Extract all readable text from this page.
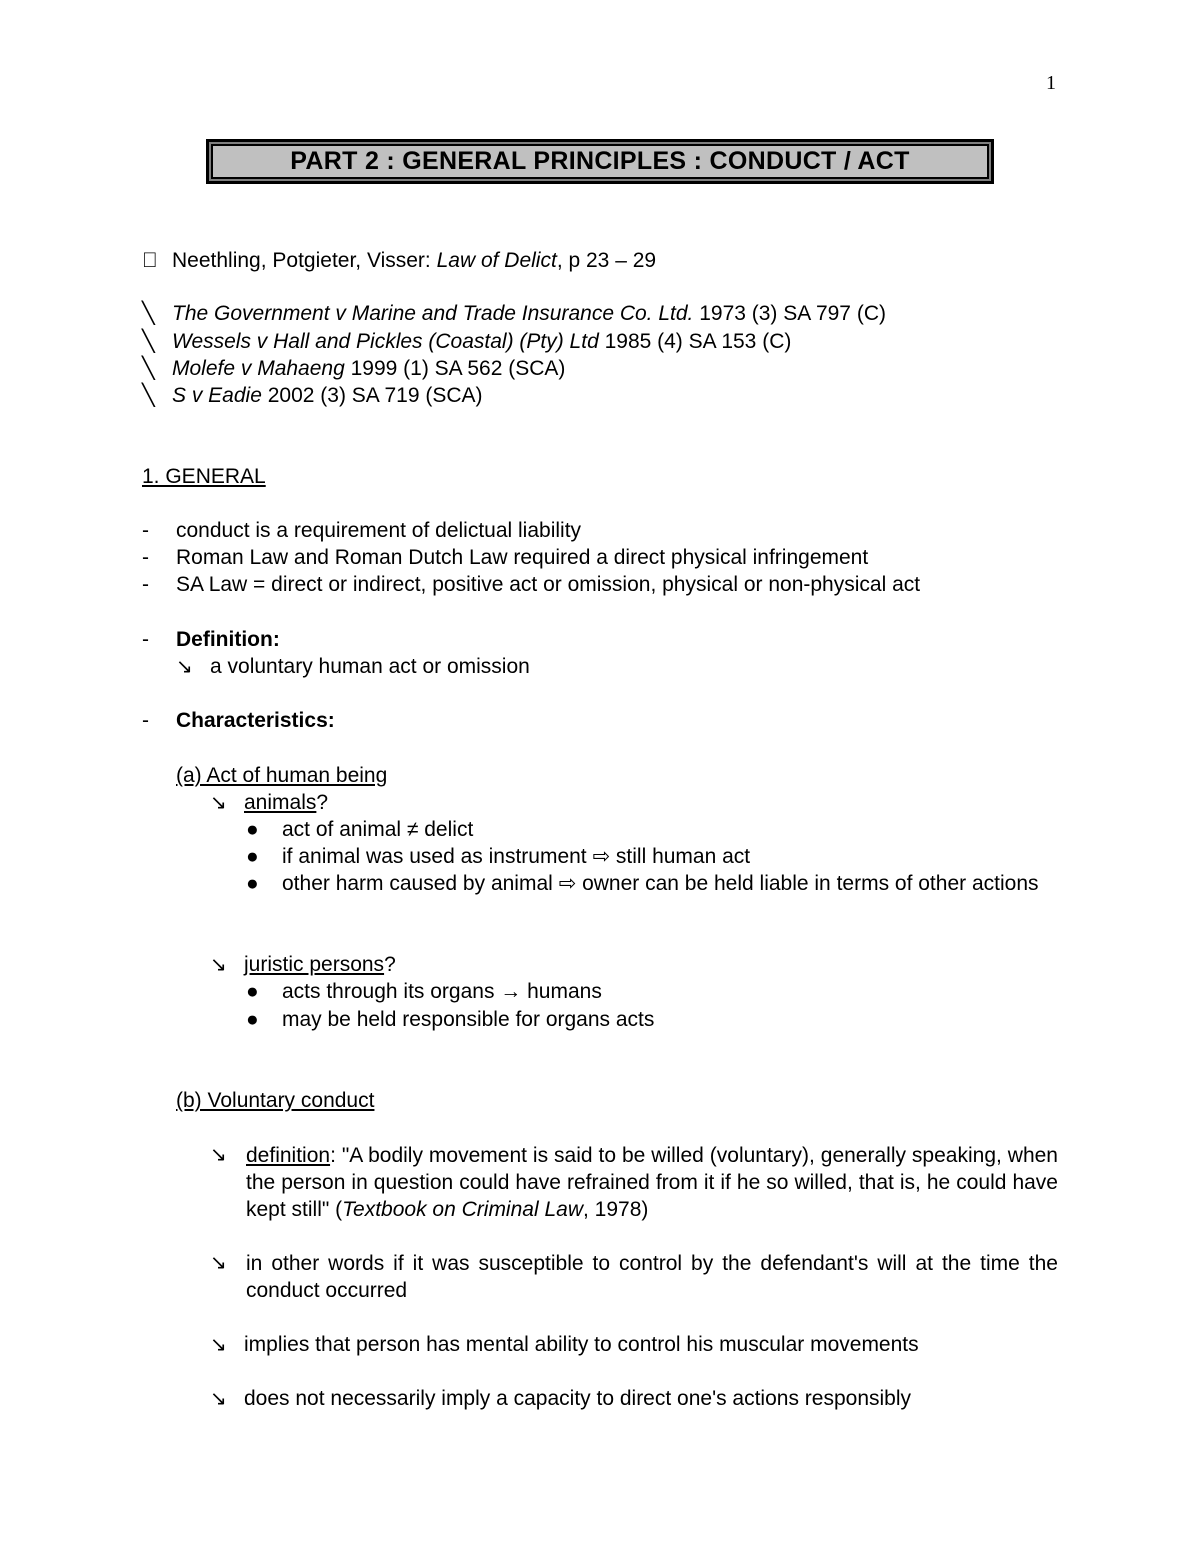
1
PART 2 : GENERAL PRINCIPLES : CONDUCT / ACT
Neethling, Potgieter, Visser: Law of Delict, p 23 – 29
╲ The Government v Marine and Trade Insurance Co. Ltd. 1973 (3) SA 797 (C)
╲ Wessels v Hall and Pickles (Coastal) (Pty) Ltd 1985 (4) SA 153 (C)
╲ Molefe v Mahaeng 1999 (1) SA 562 (SCA)
╲ S v Eadie 2002 (3) SA 719 (SCA)
1. GENERAL
- conduct is a requirement of delictual liability
- Roman Law and Roman Dutch Law required a direct physical infringement
- SA Law = direct or indirect, positive act or omission, physical or non-physical act
- Definition:
↘ a voluntary human act or omission
- Characteristics:
(a) Act of human being
↘ animals?
● act of animal ≠ delict
● if animal was used as instrument ⇨ still human act
●	other harm caused by animal ⇨ owner can be held liable in terms of other actions
↘ juristic persons?
● acts through its organs → humans
● may be held responsible for organs acts
(b) Voluntary conduct
↘ definition: "A bodily movement is said to be willed (voluntary), generally speaking, when the person in question could have refrained from it if he so willed, that is, he could have kept still" (Textbook on Criminal Law, 1978)
↘ in other words if it was susceptible to control by the defendant's will at the time the conduct occurred
↘ implies that person has mental ability to control his muscular movements
↘ does not necessarily imply a capacity to direct one's actions responsibly
